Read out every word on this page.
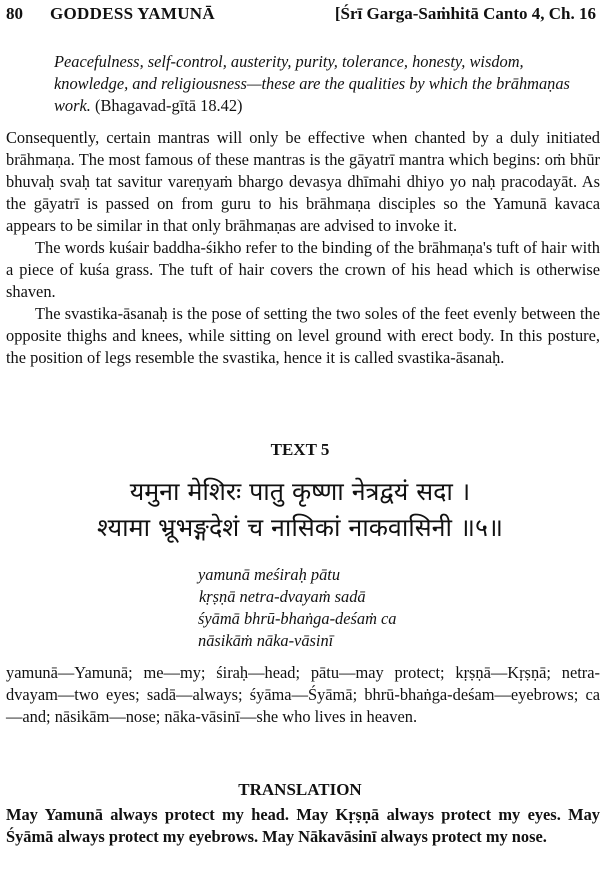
80 GODDESS YAMUNĀ	[Śrī Garga-Saṁhitā Canto 4, Ch. 16
Peacefulness, self-control, austerity, purity, tolerance, honesty, wisdom, knowledge, and religiousness—these are the qualities by which the brāhmaṇas work. (Bhagavad-gītā 18.42)

Consequently, certain mantras will only be effective when chanted by a duly initiated brāhmaṇa. The most famous of these mantras is the gāyatrī mantra which begins: oṁ bhūr bhuvaḥ svaḥ tat savitur vareṇyaṁ bhargo devasya dhīmahi dhiyo yo naḥ pracodayāt. As the gāyatrī is passed on from guru to his brāhmaṇa disciples so the Yamunā kavaca appears to be similar in that only brāhmaṇas are advised to invoke it.

The words kuśair baddha-śikho refer to the binding of the brāhmaṇa's tuft of hair with a piece of kuśa grass. The tuft of hair covers the crown of his head which is otherwise shaven.

The svastika-āsanaḥ is the pose of setting the two soles of the feet evenly between the opposite thighs and knees, while sitting on level ground with erect body. In this posture, the position of legs resemble the svastika, hence it is called svastika-āsanaḥ.

TEXT 5
यमुना मेशिरः पातु कृष्णा नेत्रद्वयं सदा ।
श्यामा भ्रूभङ्गदेशं च नासिकां नाकवासिनी ॥५॥
yamunā meśiraḥ pātu
kṛṣṇā netra-dvayaṁ sadā
śyāmā bhrū-bhaṅga-deśaṁ ca
nāsikāṁ nāka-vāsinī

yamunā—Yamunā; me—my; śiraḥ—head; pātu—may protect; kṛṣṇā—Kṛṣṇā; netra-dvayam—two eyes; sadā—always; śyāma—Śyāmā; bhrū-bhaṅga-deśam—eyebrows; ca—and; nāsikām—nose; nāka-vāsinī—she who lives in heaven.

TRANSLATION
May Yamunā always protect my head. May Kṛṣṇā always protect my eyes. May Śyāmā always protect my eyebrows. May Nākavāsinī always protect my nose.
